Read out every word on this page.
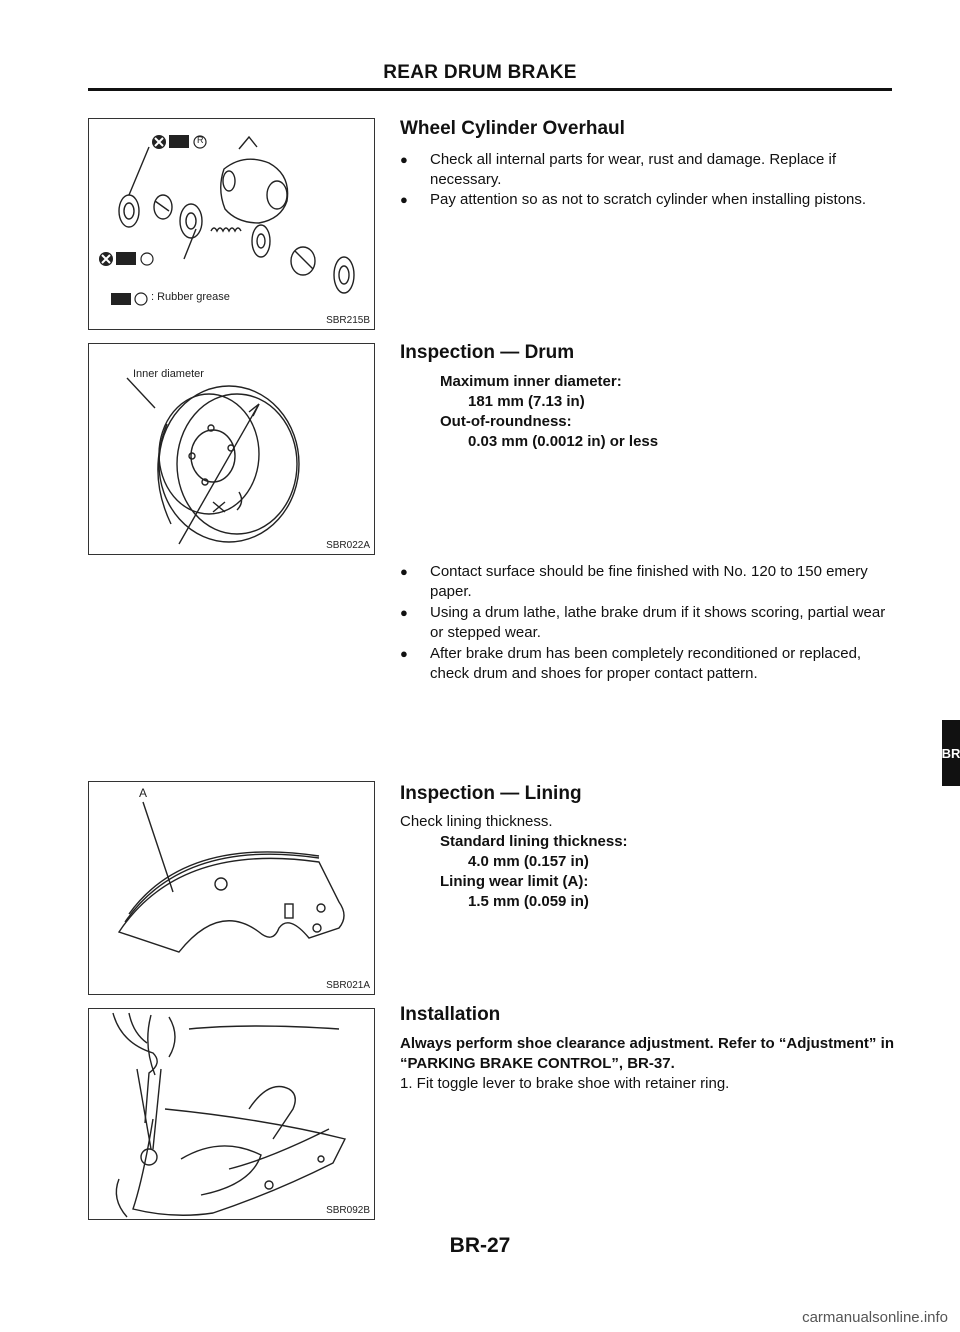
REAR DRUM BRAKE
R
: Rubber grease
SBR215B
Inner diameter
SBR022A
A
SBR021A
SBR092B
Wheel Cylinder Overhaul
● Check all internal parts for wear, rust and damage. Replace if necessary.
● Pay attention so as not to scratch cylinder when installing pistons.
Inspection — Drum
Maximum inner diameter:
181 mm (7.13 in)
Out-of-roundness:
0.03 mm (0.0012 in) or less
● Contact surface should be fine finished with No. 120 to 150 emery paper.
● Using a drum lathe, lathe brake drum if it shows scoring, partial wear or stepped wear.
● After brake drum has been completely reconditioned or replaced, check drum and shoes for proper contact pattern.
BR
Inspection — Lining
Check lining thickness.
Standard lining thickness:
4.0 mm (0.157 in)
Lining wear limit (A):
1.5 mm (0.059 in)
Installation
Always perform shoe clearance adjustment. Refer to “Adjustment” in “PARKING BRAKE CONTROL”, BR-37.
1. Fit toggle lever to brake shoe with retainer ring.
BR-27
carmanualsonline.info
